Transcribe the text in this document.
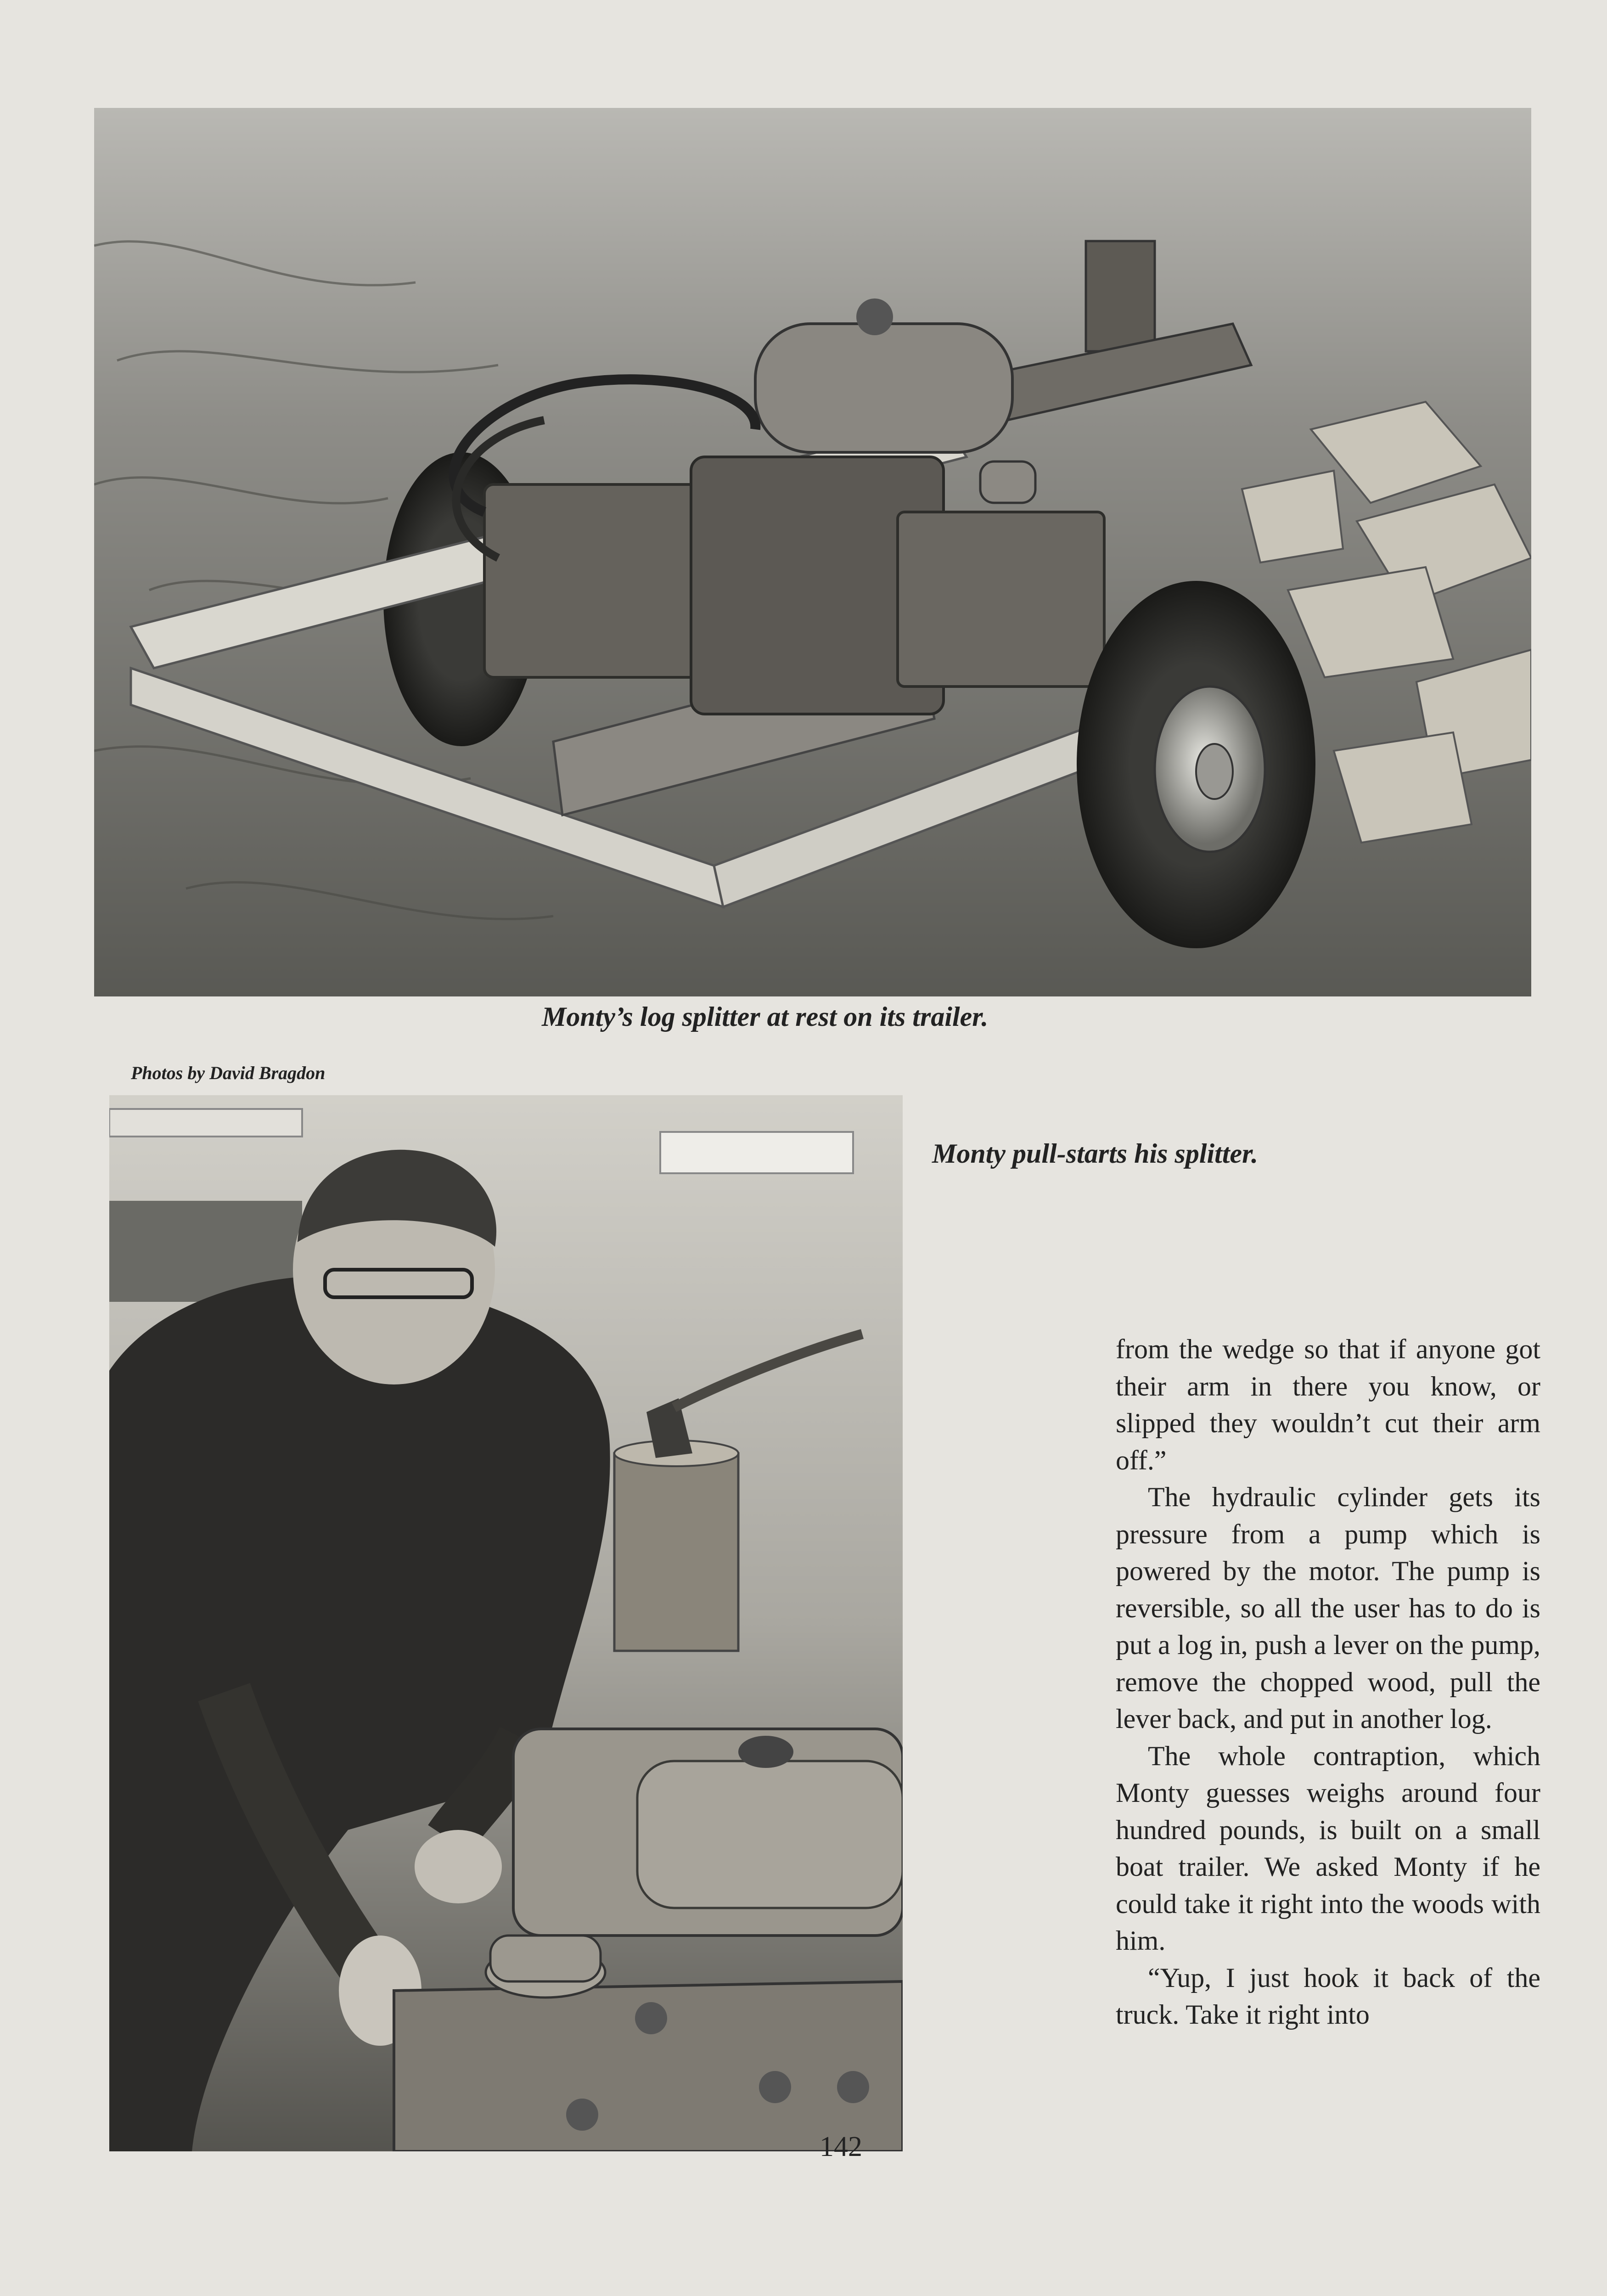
Monty’s log splitter at rest on its trailer.
Photos by David Bragdon
Monty pull-starts his splitter.

from the wedge so that if anyone got their arm in there you know, or slipped they wouldn’t cut their arm off.”

The hydraulic cylinder gets its pressure from a pump which is powered by the motor. The pump is reversible, so all the user has to do is put a log in, push a lever on the pump, remove the chopped wood, pull the lever back, and put in another log.

The whole contraption, which Monty guesses weighs around four hundred pounds, is built on a small boat trailer. We asked Monty if he could take it right into the woods with him.

“Yup, I just hook it back of the truck. Take it right into

142
